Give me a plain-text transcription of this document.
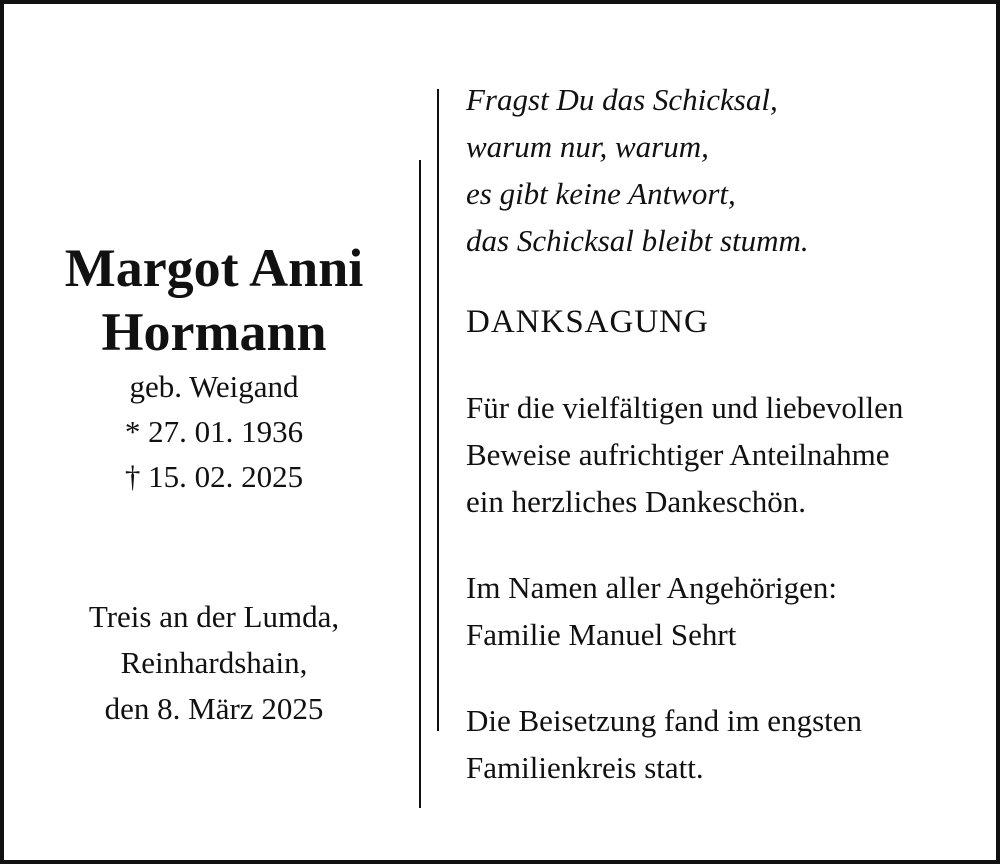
Margot Anni
Hormann
geb. Weigand
* 27. 01. 1936
† 15. 02. 2025
Treis an der Lumda,
Reinhardshain,
den 8. März 2025
Fragst Du das Schicksal,
warum nur, warum,
es gibt keine Antwort,
das Schicksal bleibt stumm.
DANKSAGUNG
Für die vielfältigen und liebevollen
Beweise aufrichtiger Anteilnahme
ein herzliches Dankeschön.
Im Namen aller Angehörigen:
Familie Manuel Sehrt
Die Beisetzung fand im engsten
Familienkreis statt.
